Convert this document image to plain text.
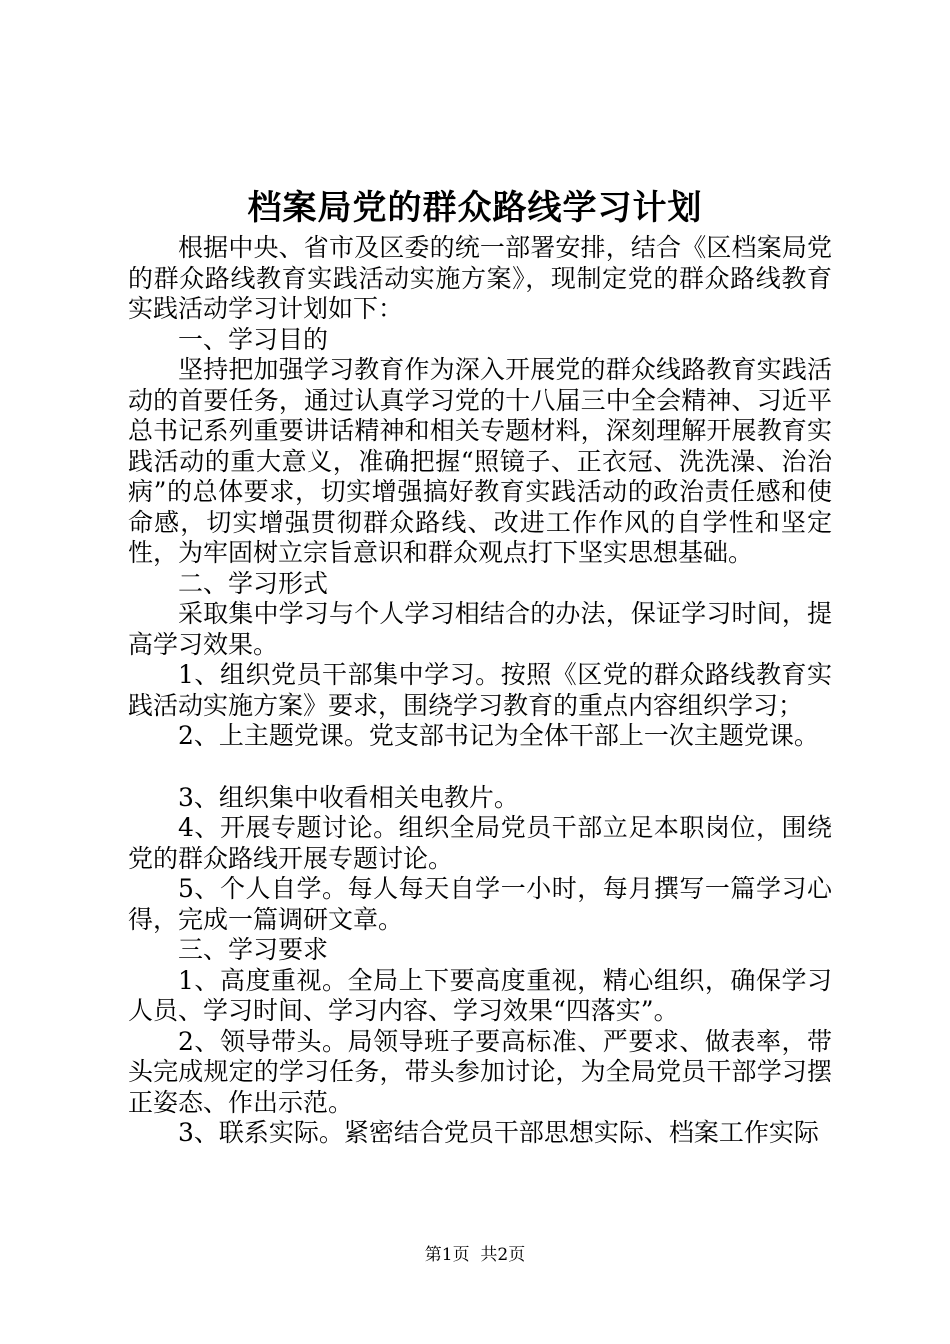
档案局党的群众路线学习计划

根据中央、省市及区委的统一部署安排，结合《区档案局党的群众路线教育实践活动实施方案》，现制定党的群众路线教育实践活动学习计划如下：

一、学习目的

坚持把加强学习教育作为深入开展党的群众线路教育实践活动的首要任务，通过认真学习党的十八届三中全会精神、习近平总书记系列重要讲话精神和相关专题材料，深刻理解开展教育实践活动的重大意义，准确把握“照镜子、正衣冠、洗洗澡、治治病”的总体要求，切实增强搞好教育实践活动的政治责任感和使命感，切实增强贯彻群众路线、改进工作作风的自学性和坚定性，为牢固树立宗旨意识和群众观点打下坚实思想基础。

二、学习形式

采取集中学习与个人学习相结合的办法，保证学习时间，提高学习效果。

1、组织党员干部集中学习。按照《区党的群众路线教育实践活动实施方案》要求，围绕学习教育的重点内容组织学习；

2、上主题党课。党支部书记为全体干部上一次主题党课。

3、组织集中收看相关电教片。

4、开展专题讨论。组织全局党员干部立足本职岗位，围绕党的群众路线开展专题讨论。

5、个人自学。每人每天自学一小时，每月撰写一篇学习心得，完成一篇调研文章。

三、学习要求

1、高度重视。全局上下要高度重视，精心组织，确保学习人员、学习时间、学习内容、学习效果“四落实”。

2、领导带头。局领导班子要高标准、严要求、做表率，带头完成规定的学习任务，带头参加讨论，为全局党员干部学习摆正姿态、作出示范。

3、联系实际。紧密结合党员干部思想实际、档案工作实际

第1页  共2页
